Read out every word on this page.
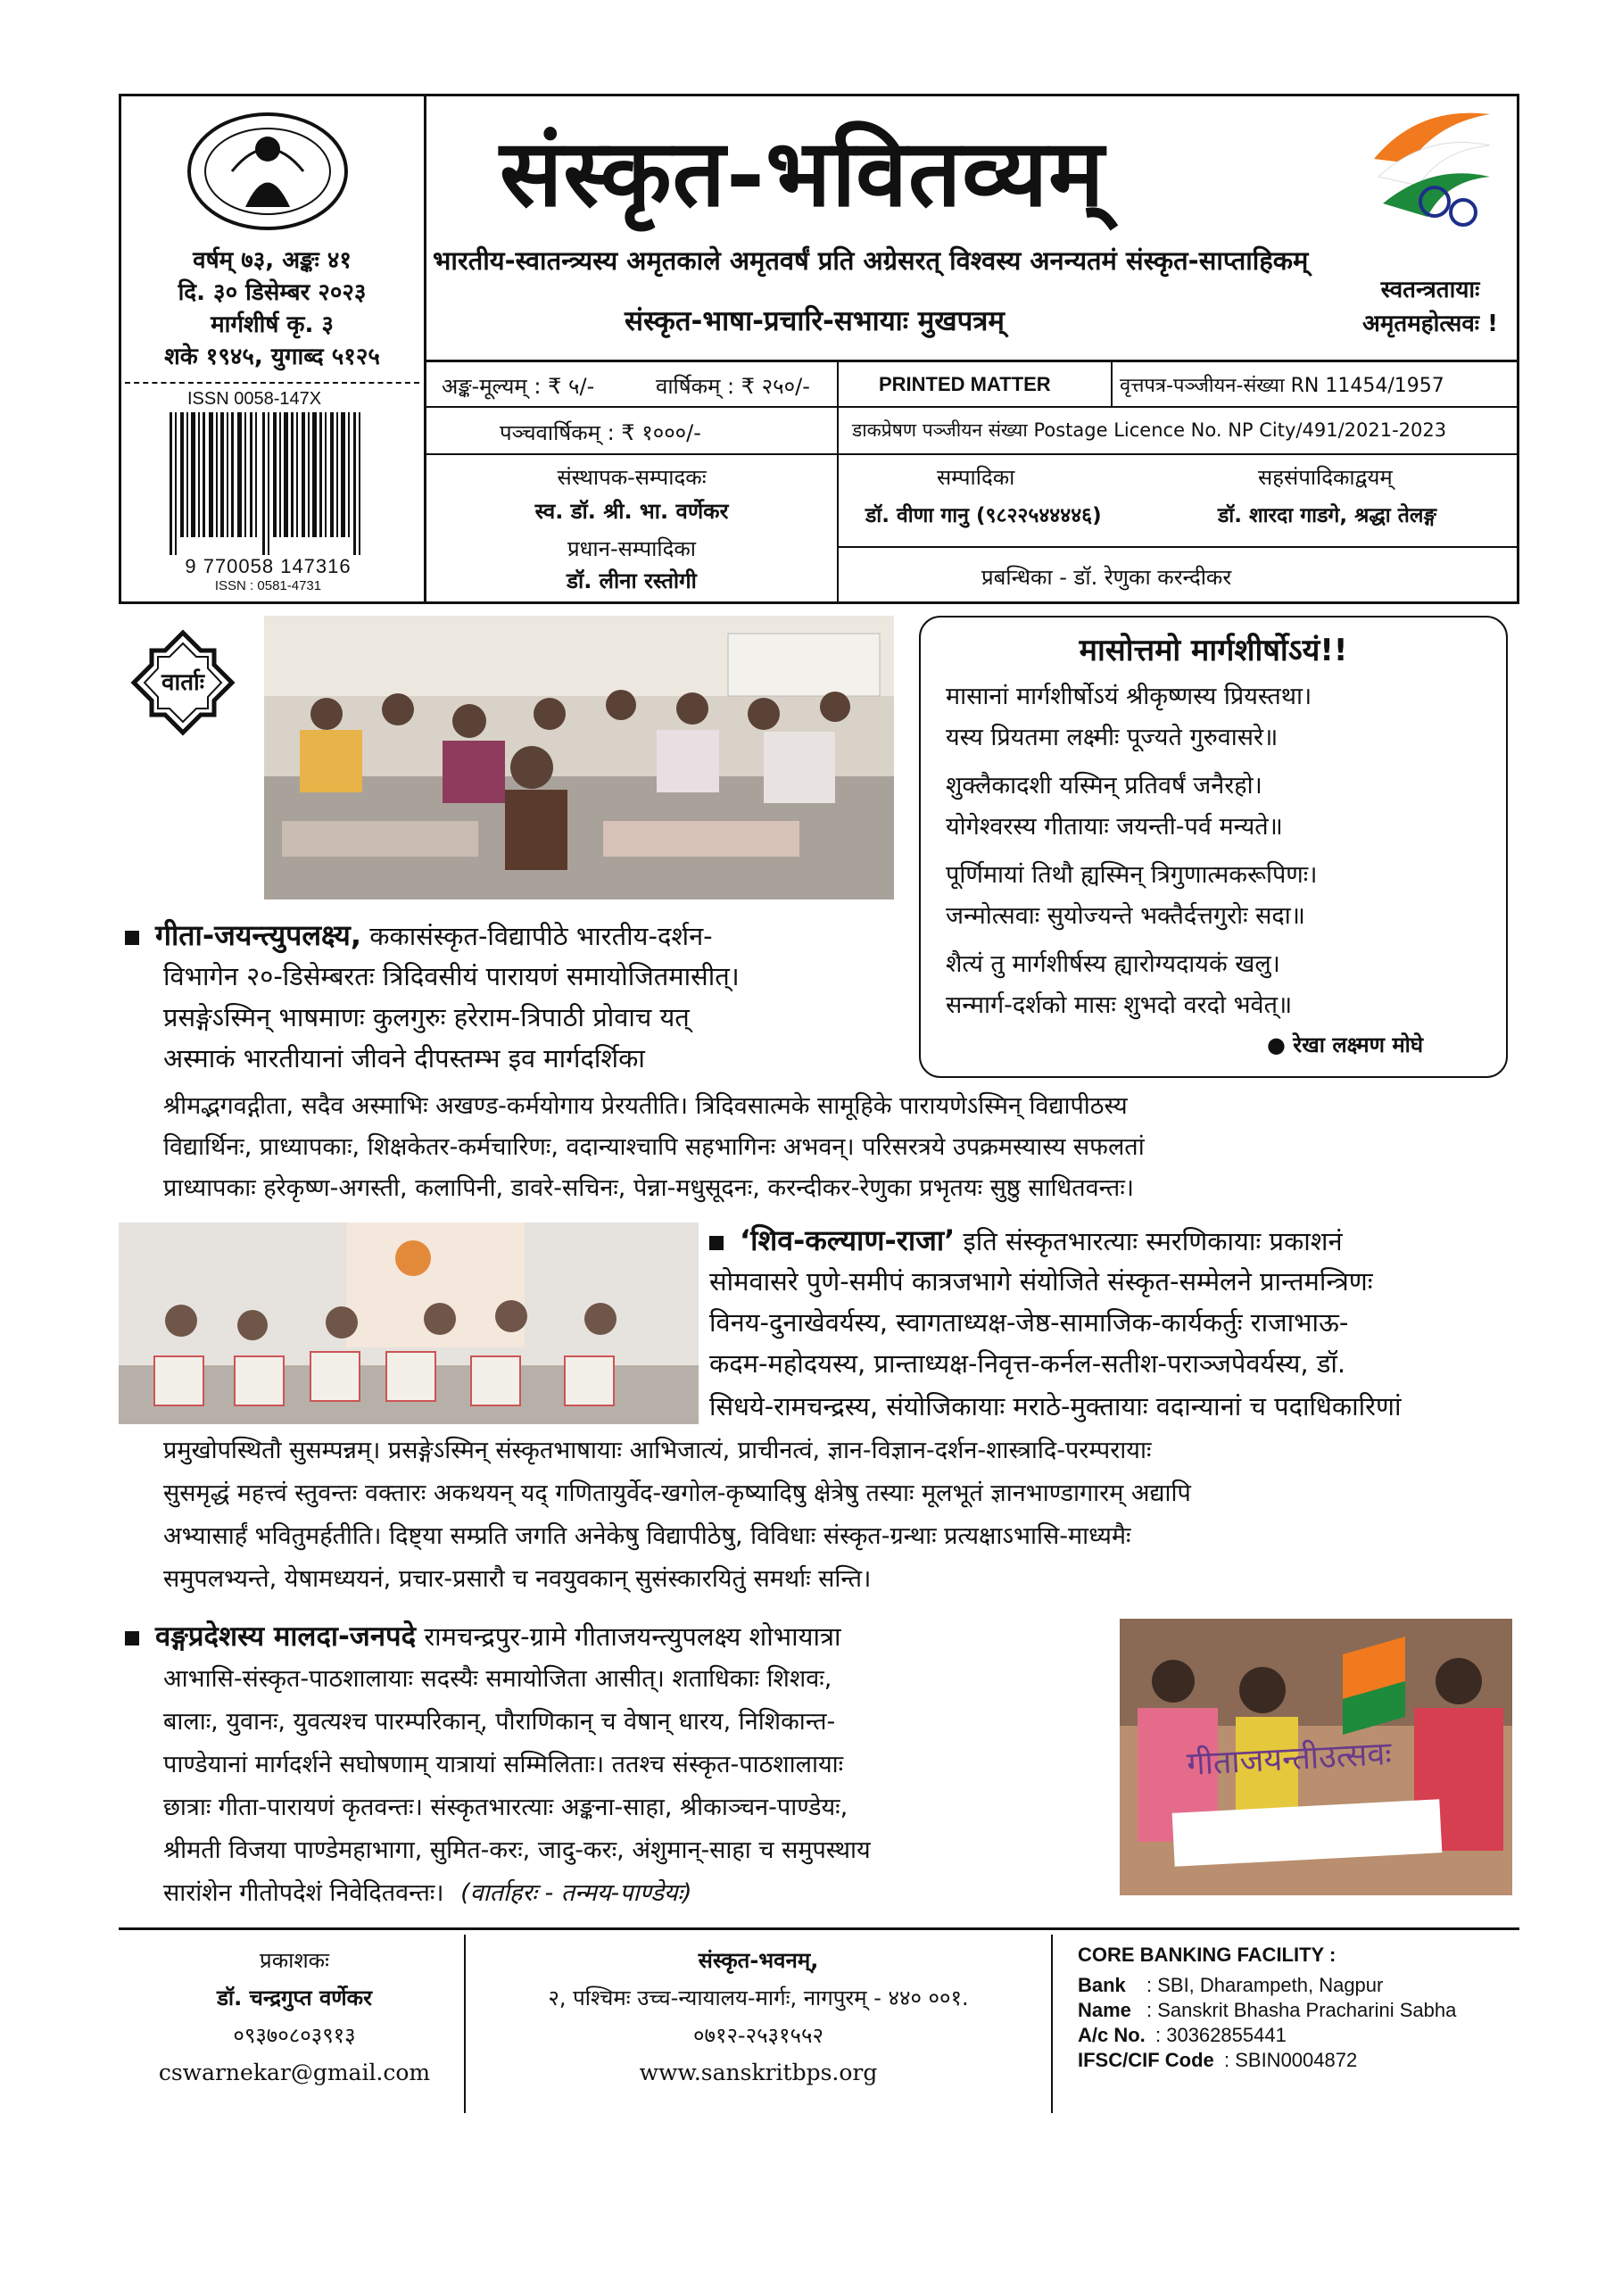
वर्षम् ७३, अङ्कः ४१
दि. ३० डिसेम्बर २०२३
मार्गशीर्ष कृ. ३
शके १९४५, युगाब्द ५१२५
ISSN 0058-147X
9 770058 147316
ISSN : 0581-4731
संस्कृत-भवितव्यम्
भारतीय-स्वातन्त्र्यस्य अमृतकाले अमृतवर्षं प्रति अग्रेसरत् विश्वस्य अनन्यतमं संस्कृत-साप्ताहिकम्
संस्कृत-भाषा-प्रचारि-सभायाः मुखपत्रम्
स्वतन्त्रतायाः
अमृतमहोत्सवः !
अङ्क-मूल्यम् : ₹ ५/-	वार्षिकम् : ₹ २५०/-	PRINTED MATTER	वृत्तपत्र-पञ्जीयन-संख्या RN 11454/1957
पञ्चवार्षिकम् : ₹ १०००/-	डाकप्रेषण पञ्जीयन संख्या Postage Licence No. NP City/491/2021-2023
संस्थापक-सम्पादकः
स्व. डॉ. श्री. भा. वर्णेकर
प्रधान-सम्पादिका
डॉ. लीना रस्तोगी
सम्पादिका	सहसंपादिकाद्वयम्
डॉ. वीणा गानु (९८२२५४४४४६)	डॉ. शारदा गाडगे, श्रद्धा तेलङ्ग
प्रबन्धिका - डॉ. रेणुका करन्दीकर
वार्ताः
मासोत्तमो मार्गशीर्षोऽयं!!
मासानां मार्गशीर्षोऽयं श्रीकृष्णस्य प्रियस्तथा।
यस्य प्रियतमा लक्ष्मीः पूज्यते गुरुवासरे॥
शुक्लैकादशी यस्मिन् प्रतिवर्षं जनैरहो।
योगेश्वरस्य गीतायाः जयन्ती-पर्व मन्यते॥
पूर्णिमायां तिथौ ह्यस्मिन् त्रिगुणात्मकरूपिणः।
जन्मोत्सवाः सुयोज्यन्ते भक्तैर्दत्तगुरोः सदा॥
शैत्यं तु मार्गशीर्षस्य ह्यारोग्यदायकं खलु।
सन्मार्ग-दर्शको मासः शुभदो वरदो भवेत्॥
● रेखा लक्ष्मण मोघे
गीता-जयन्त्युपलक्ष्य, ककासंस्कृत-विद्यापीठे भारतीय-दर्शन-
विभागेन २०-डिसेम्बरतः त्रिदिवसीयं पारायणं समायोजितमासीत्।
प्रसङ्गेऽस्मिन् भाषमाणः कुलगुरुः हरेराम-त्रिपाठी प्रोवाच यत्
अस्माकं भारतीयानां जीवने दीपस्तम्भ इव मार्गदर्शिका
श्रीमद्भगवद्गीता, सदैव अस्माभिः अखण्ड-कर्मयोगाय प्रेरयतीति। त्रिदिवसात्मके सामूहिके पारायणेऽस्मिन् विद्यापीठस्य
विद्यार्थिनः, प्राध्यापकाः, शिक्षकेतर-कर्मचारिणः, वदान्याश्चापि सहभागिनः अभवन्। परिसरत्रये उपक्रमस्यास्य सफलतां
प्राध्यापकाः हरेकृष्ण-अगस्ती, कलापिनी, डावरे-सचिनः, पेन्ना-मधुसूदनः, करन्दीकर-रेणुका प्रभृतयः सुष्ठु साधितवन्तः।
‘शिव-कल्याण-राजा’ इति संस्कृतभारत्याः स्मरणिकायाः प्रकाशनं
सोमवासरे पुणे-समीपं कात्रजभागे संयोजिते संस्कृत-सम्मेलने प्रान्तमन्त्रिणः
विनय-दुनाखेवर्यस्य, स्वागताध्यक्ष-जेष्ठ-सामाजिक-कार्यकर्तुः राजाभाऊ-
कदम-महोदयस्य, प्रान्ताध्यक्ष-निवृत्त-कर्नल-सतीश-पराञ्जपेवर्यस्य, डॉ.
सिधये-रामचन्द्रस्य, संयोजिकायाः मराठे-मुक्तायाः वदान्यानां च पदाधिकारिणां
प्रमुखोपस्थितौ सुसम्पन्नम्। प्रसङ्गेऽस्मिन् संस्कृतभाषायाः आभिजात्यं, प्राचीनत्वं, ज्ञान-विज्ञान-दर्शन-शास्त्रादि-परम्परायाः
सुसमृद्धं महत्त्वं स्तुवन्तः वक्तारः अकथयन् यद् गणितायुर्वेद-खगोल-कृष्यादिषु क्षेत्रेषु तस्याः मूलभूतं ज्ञानभाण्डागारम् अद्यापि
अभ्यासार्हं भवितुमर्हतीति। दिष्ट्या सम्प्रति जगति अनेकेषु विद्यापीठेषु, विविधाः संस्कृत-ग्रन्थाः प्रत्यक्षाऽभासि-माध्यमैः
समुपलभ्यन्ते, येषामध्ययनं, प्रचार-प्रसारौ च नवयुवकान् सुसंस्कारयितुं समर्थाः सन्ति।
वङ्गप्रदेशस्य मालदा-जनपदे रामचन्द्रपुर-ग्रामे गीताजयन्त्युपलक्ष्य शोभायात्रा
आभासि-संस्कृत-पाठशालायाः सदस्यैः समायोजिता आसीत्। शताधिकाः शिशवः,
बालाः, युवानः, युवत्यश्च पारम्परिकान्, पौराणिकान् च वेषान् धारय, निशिकान्त-
पाण्डेयानां मार्गदर्शने सघोषणाम् यात्रायां सम्मिलिताः। ततश्च संस्कृत-पाठशालायाः
छात्राः गीता-पारायणं कृतवन्तः। संस्कृतभारत्याः अङ्कना-साहा, श्रीकाञ्चन-पाण्डेयः,
श्रीमती विजया पाण्डेमहाभागा, सुमित-करः, जादु-करः, अंशुमान्-साहा च समुपस्थाय
सारांशेन गीतोपदेशं निवेदितवन्तः। (वार्ताहरः - तन्मय-पाण्डेयः)
गीताजयन्तीउत्सवः
प्रकाशकः
डॉ. चन्द्रगुप्त वर्णेकर
०९३७०८०३९१३
cswarnekar@gmail.com
संस्कृत-भवनम्,
२, पश्चिमः उच्च-न्यायालय-मार्गः, नागपुरम् - ४४० ००१.
०७१२-२५३१५५२
www.sanskritbps.org
CORE BANKING FACILITY :
Bank : SBI, Dharampeth, Nagpur
Name : Sanskrit Bhasha Pracharini Sabha
A/c No. : 30362855441
IFSC/CIF Code : SBIN0004872
